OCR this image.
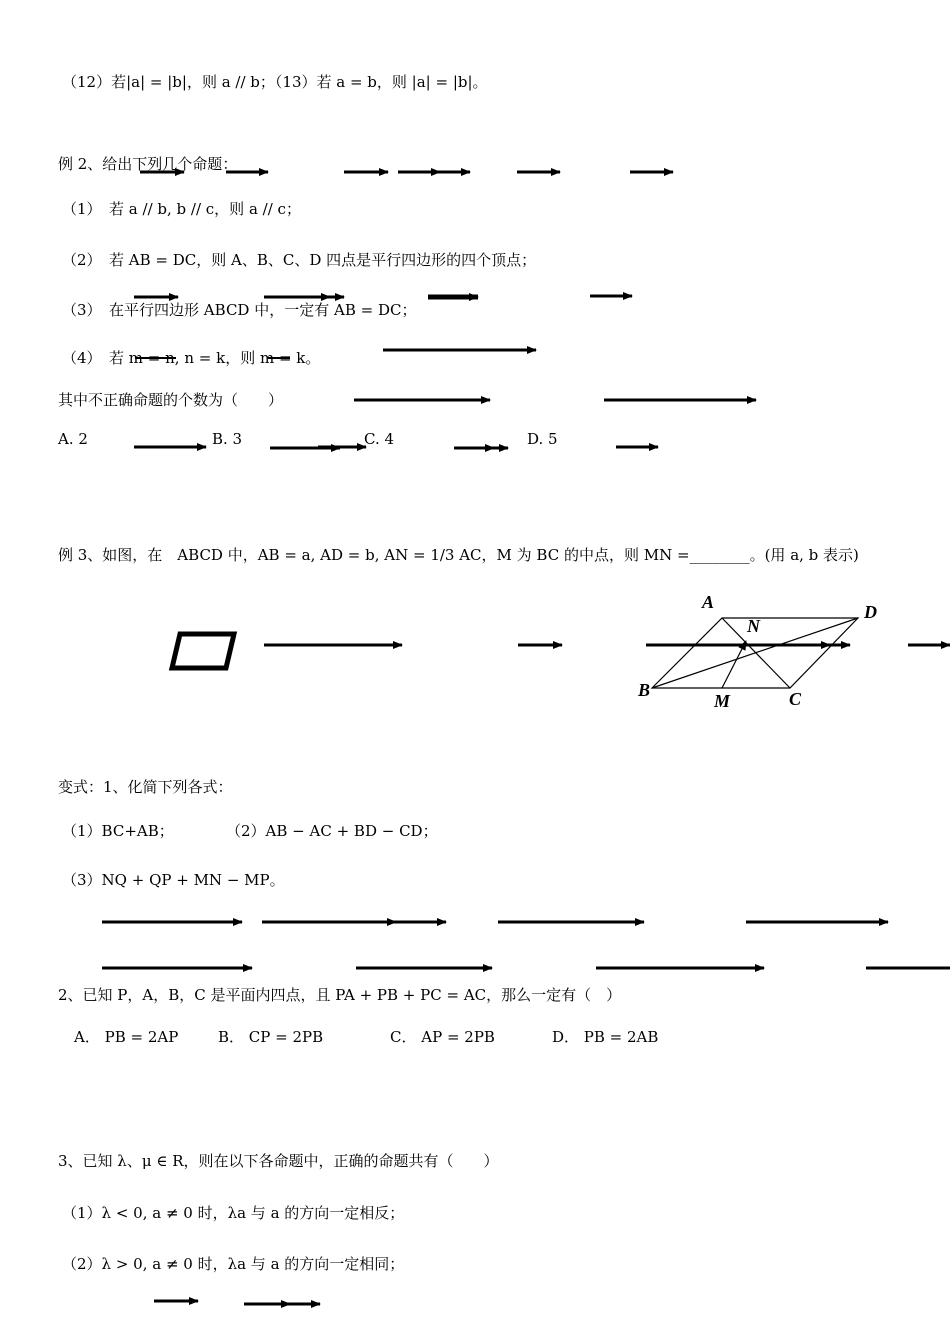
（12）若|a| = |b|，则 a // b；（13）若 a = b，则 |a| = |b|。
例 2、给出下列几个命题：
（1）　若 a // b, b // c，则 a // c；
（2）　若 AB = DC，则 A、B、C、D 四点是平行四边形的四个顶点；
（3）　在平行四边形 ABCD 中，一定有 AB = DC；
（4）　若 m = n, n = k，则 m = k。
其中不正确命题的个数为（　　）
A. 2	B. 3	C. 4	D. 5
例 3、如图，在　ABCD 中，AB = a, AD = b, AN = 1/3 AC，M 为 BC 的中点，则 MN =________。(用 a, b 表示)
变式：1、化简下列各式：
（1）BC+AB；	（2）AB − AC + BD − CD；
（3）NQ + QP + MN − MP。
2、已知 P，A，B，C 是平面内四点，且 PA + PB + PC = AC，那么一定有（　）
A． PB = 2AP	B． CP = 2PB	C． AP = 2PB	D． PB = 2AB
3、已知 λ、μ ∈ R，则在以下各命题中，正确的命题共有（　　）
（1）λ < 0, a ≠ 0 时，λa 与 a 的方向一定相反；
（2）λ > 0, a ≠ 0 时，λa 与 a 的方向一定相同；
A	D
N
B
M	C
